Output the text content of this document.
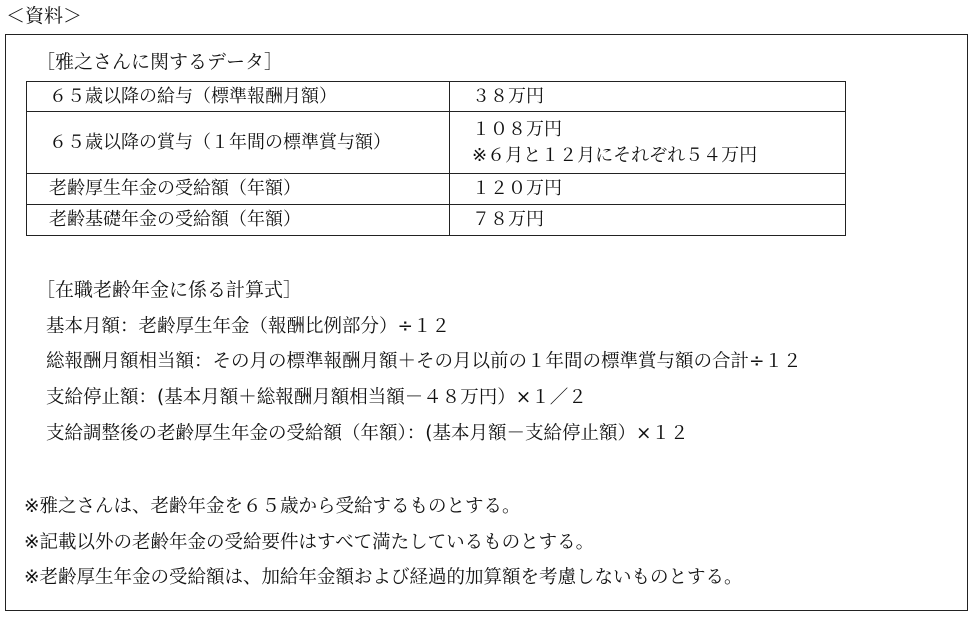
＜資料＞
［雅之さんに関するデータ］
６５歳以降の給与（標準報酬月額）	３８万円
６５歳以降の賞与（１年間の標準賞与額）	１０８万円
※６月と１２月にそれぞれ５４万円

老齢厚生年金の受給額（年額）	１２０万円
老齢基礎年金の受給額（年額）	７８万円
［在職老齢年金に係る計算式］
基本月額：老齢厚生年金（報酬比例部分）÷１２
総報酬月額相当額：その月の標準報酬月額＋その月以前の１年間の標準賞与額の合計÷１２
支給停止額：(基本月額＋総報酬月額相当額－４８万円）×１／２
支給調整後の老齢厚生年金の受給額（年額）：(基本月額－支給停止額）×１２
※雅之さんは、老齢年金を６５歳から受給するものとする。
※記載以外の老齢年金の受給要件はすべて満たしているものとする。
※老齢厚生年金の受給額は、加給年金額および経過的加算額を考慮しないものとする。
